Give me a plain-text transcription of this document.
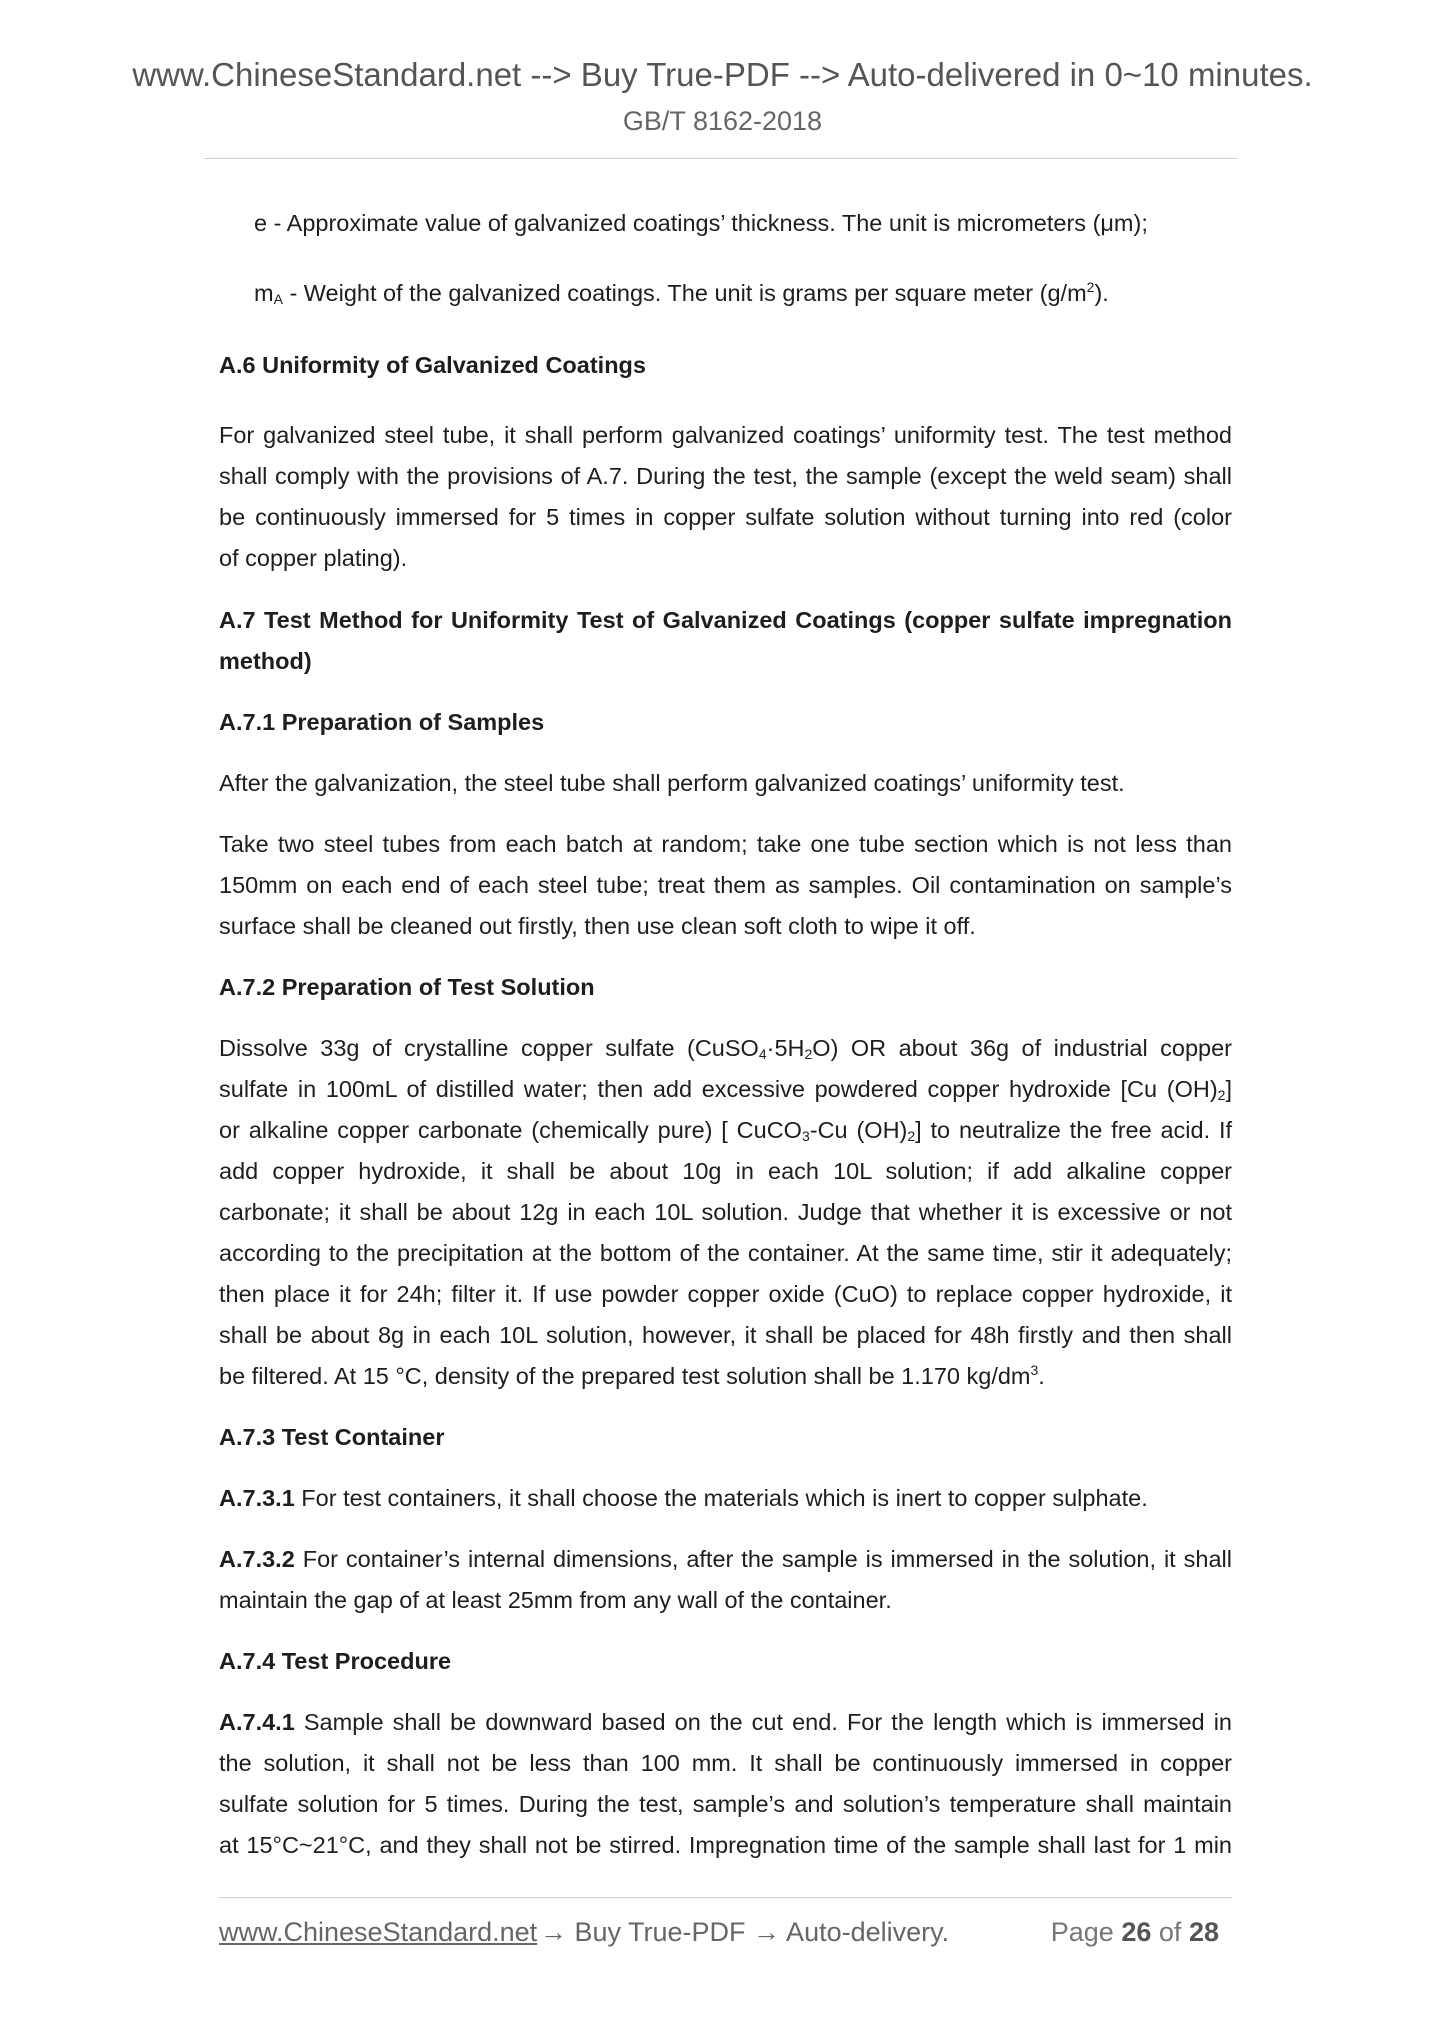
www.ChineseStandard.net --> Buy True-PDF --> Auto-delivered in 0~10 minutes.
GB/T 8162-2018
e - Approximate value of galvanized coatings’ thickness. The unit is micrometers (μm);
$m_A$ - Weight of the galvanized coatings. The unit is grams per square meter $(g/m^2)$.
A.6 Uniformity of Galvanized Coatings
For galvanized steel tube, it shall perform galvanized coatings’ uniformity test. The test method
shall comply with the provisions of A.7. During the test, the sample (except the weld seam) shall
be continuously immersed for 5 times in copper sulfate solution without turning into red (color
of copper plating).
A.7 Test Method for Uniformity Test of Galvanized Coatings (copper sulfate impregnation
method)
A.7.1 Preparation of Samples
After the galvanization, the steel tube shall perform galvanized coatings’ uniformity test.
Take two steel tubes from each batch at random; take one tube section which is not less than
150mm on each end of each steel tube; treat them as samples. Oil contamination on sample’s
surface shall be cleaned out firstly, then use clean soft cloth to wipe it off.
A.7.2 Preparation of Test Solution
Dissolve 33g of crystalline copper sulfate $(CuSO_4\cdot 5H_2O)$ OR about 36g of industrial copper
sulfate in 100mL of distilled water; then add excessive powdered copper hydroxide [Cu $(OH)_2$]
or alkaline copper carbonate (chemically pure) [ CuCO$_3$-Cu $(OH)_2$] to neutralize the free acid. If
add copper hydroxide, it shall be about 10g in each 10L solution; if add alkaline copper
carbonate; it shall be about 12g in each 10L solution. Judge that whether it is excessive or not
according to the precipitation at the bottom of the container. At the same time, stir it adequately;
then place it for 24h; filter it. If use powder copper oxide (CuO) to replace copper hydroxide, it
shall be about 8g in each 10L solution, however, it shall be placed for 48h firstly and then shall
be filtered. At 15 °C, density of the prepared test solution shall be 1.170 $kg/dm^3$.
A.7.3 Test Container
A.7.3.1 For test containers, it shall choose the materials which is inert to copper sulphate.
A.7.3.2 For container’s internal dimensions, after the sample is immersed in the solution, it shall
maintain the gap of at least 25mm from any wall of the container.
A.7.4 Test Procedure
A.7.4.1 Sample shall be downward based on the cut end. For the length which is immersed in
the solution, it shall not be less than 100 mm. It shall be continuously immersed in copper
sulfate solution for 5 times. During the test, sample’s and solution’s temperature shall maintain
at 15°C~21°C, and they shall not be stirred. Impregnation time of the sample shall last for 1 min
www.ChineseStandard.net → Buy True-PDF → Auto-delivery.	Page 26 of 28
